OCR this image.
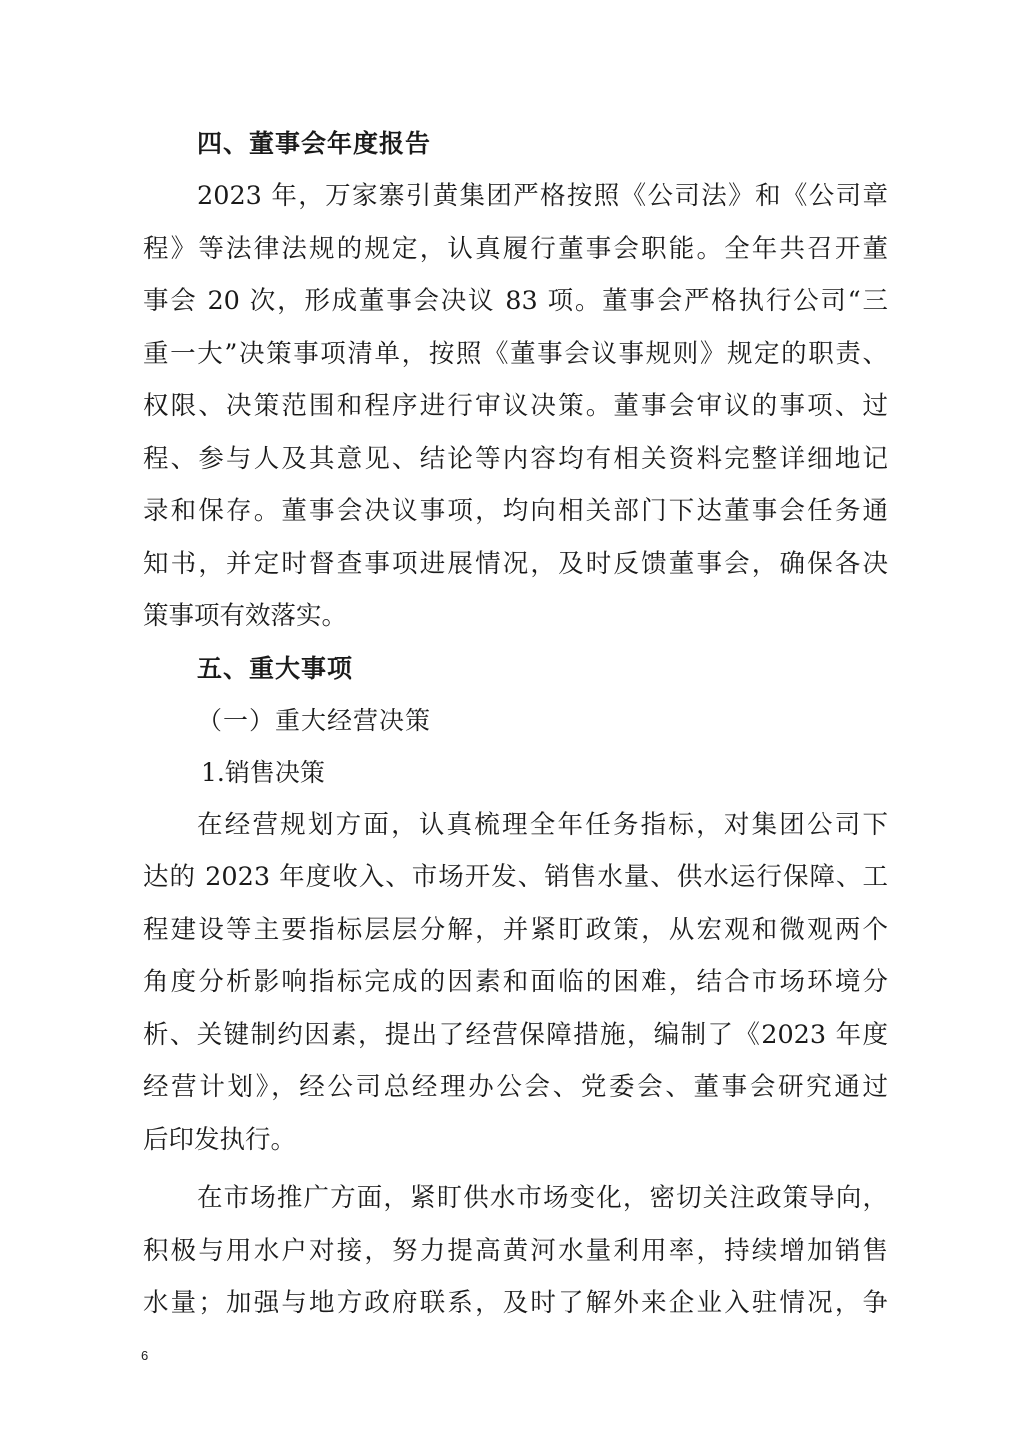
四、董事会年度报告
2023 年，万家寨引黄集团严格按照《公司法》和《公司章
程》等法律法规的规定，认真履行董事会职能。全年共召开董
事会 20 次，形成董事会决议 83 项。董事会严格执行公司“三
重一大”决策事项清单，按照《董事会议事规则》规定的职责、
权限、决策范围和程序进行审议决策。董事会审议的事项、过
程、参与人及其意见、结论等内容均有相关资料完整详细地记
录和保存。董事会决议事项，均向相关部门下达董事会任务通
知书，并定时督查事项进展情况，及时反馈董事会，确保各决
策事项有效落实。
五、重大事项
（一）重大经营决策
1.销售决策
在经营规划方面，认真梳理全年任务指标，对集团公司下
达的 2023 年度收入、市场开发、销售水量、供水运行保障、工
程建设等主要指标层层分解，并紧盯政策，从宏观和微观两个
角度分析影响指标完成的因素和面临的困难，结合市场环境分
析、关键制约因素，提出了经营保障措施，编制了《2023 年度
经营计划》，经公司总经理办公会、党委会、董事会研究通过
后印发执行。
在市场推广方面，紧盯供水市场变化，密切关注政策导向，
积极与用水户对接，努力提高黄河水量利用率，持续增加销售
水量；加强与地方政府联系，及时了解外来企业入驻情况，争
6
